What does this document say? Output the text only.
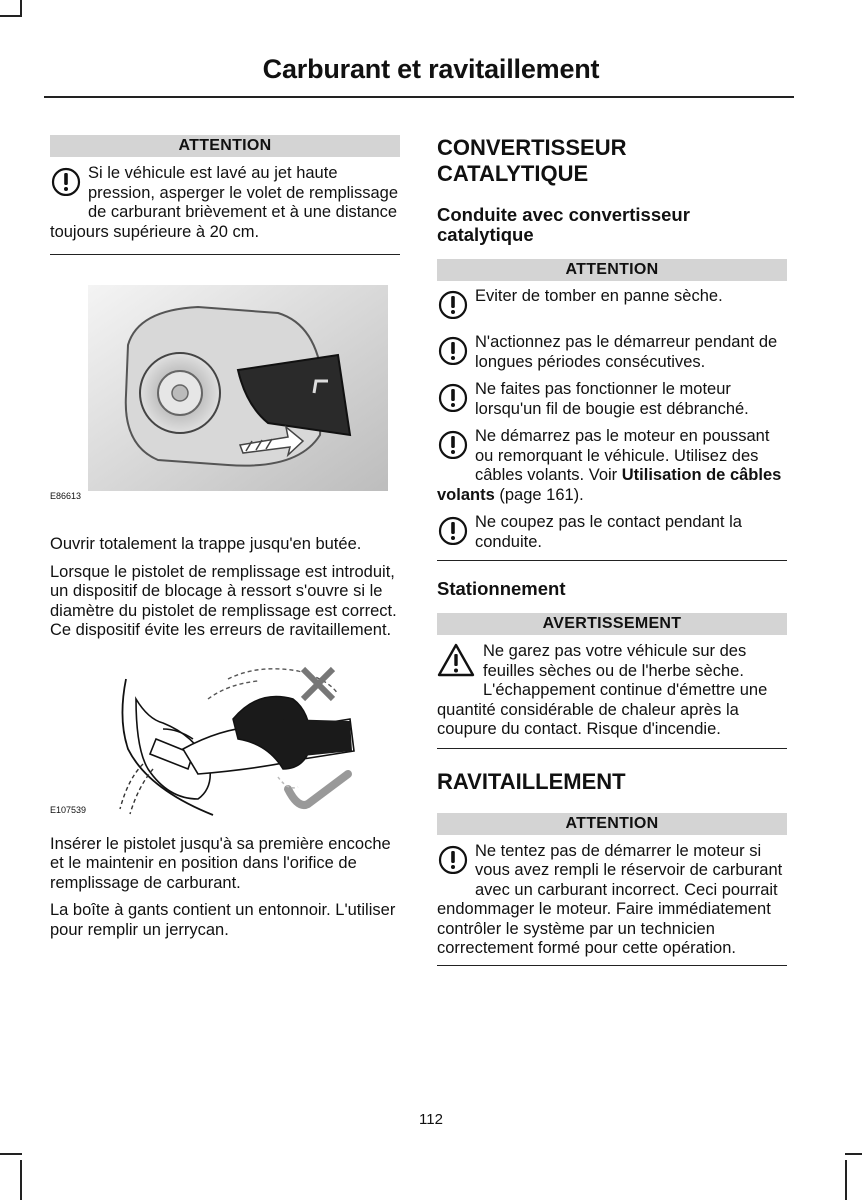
Carburant et ravitaillement
ATTENTION

Si le véhicule est lavé au jet haute pression, asperger le volet de remplissage de carburant brièvement et à une distance toujours supérieure à 20 cm.

E86613

Ouvrir totalement la trappe jusqu'en butée.

Lorsque le pistolet de remplissage est introduit, un dispositif de blocage à ressort s'ouvre si le diamètre du pistolet de remplissage est correct. Ce dispositif évite les erreurs de ravitaillement.

E107539

Insérer le pistolet jusqu'à sa première encoche et le maintenir en position dans l'orifice de remplissage de carburant.

La boîte à gants contient un entonnoir. L'utiliser pour remplir un jerrycan.

CONVERTISSEUR CATALYTIQUE

Conduite avec convertisseur catalytique

ATTENTION

Eviter de tomber en panne sèche.

N'actionnez pas le démarreur pendant de longues périodes consécutives.

Ne faites pas fonctionner le moteur lorsqu'un fil de bougie est débranché.

Ne démarrez pas le moteur en poussant ou remorquant le véhicule. Utilisez des câbles volants. Voir Utilisation de câbles volants (page 161).

Ne coupez pas le contact pendant la conduite.

Stationnement

AVERTISSEMENT

Ne garez pas votre véhicule sur des feuilles sèches ou de l'herbe sèche. L'échappement continue d'émettre une quantité considérable de chaleur après la coupure du contact. Risque d'incendie.

RAVITAILLEMENT

ATTENTION

Ne tentez pas de démarrer le moteur si vous avez rempli le réservoir de carburant avec un carburant incorrect. Ceci pourrait endommager le moteur. Faire immédiatement contrôler le système par un technicien correctement formé pour cette opération.

112
